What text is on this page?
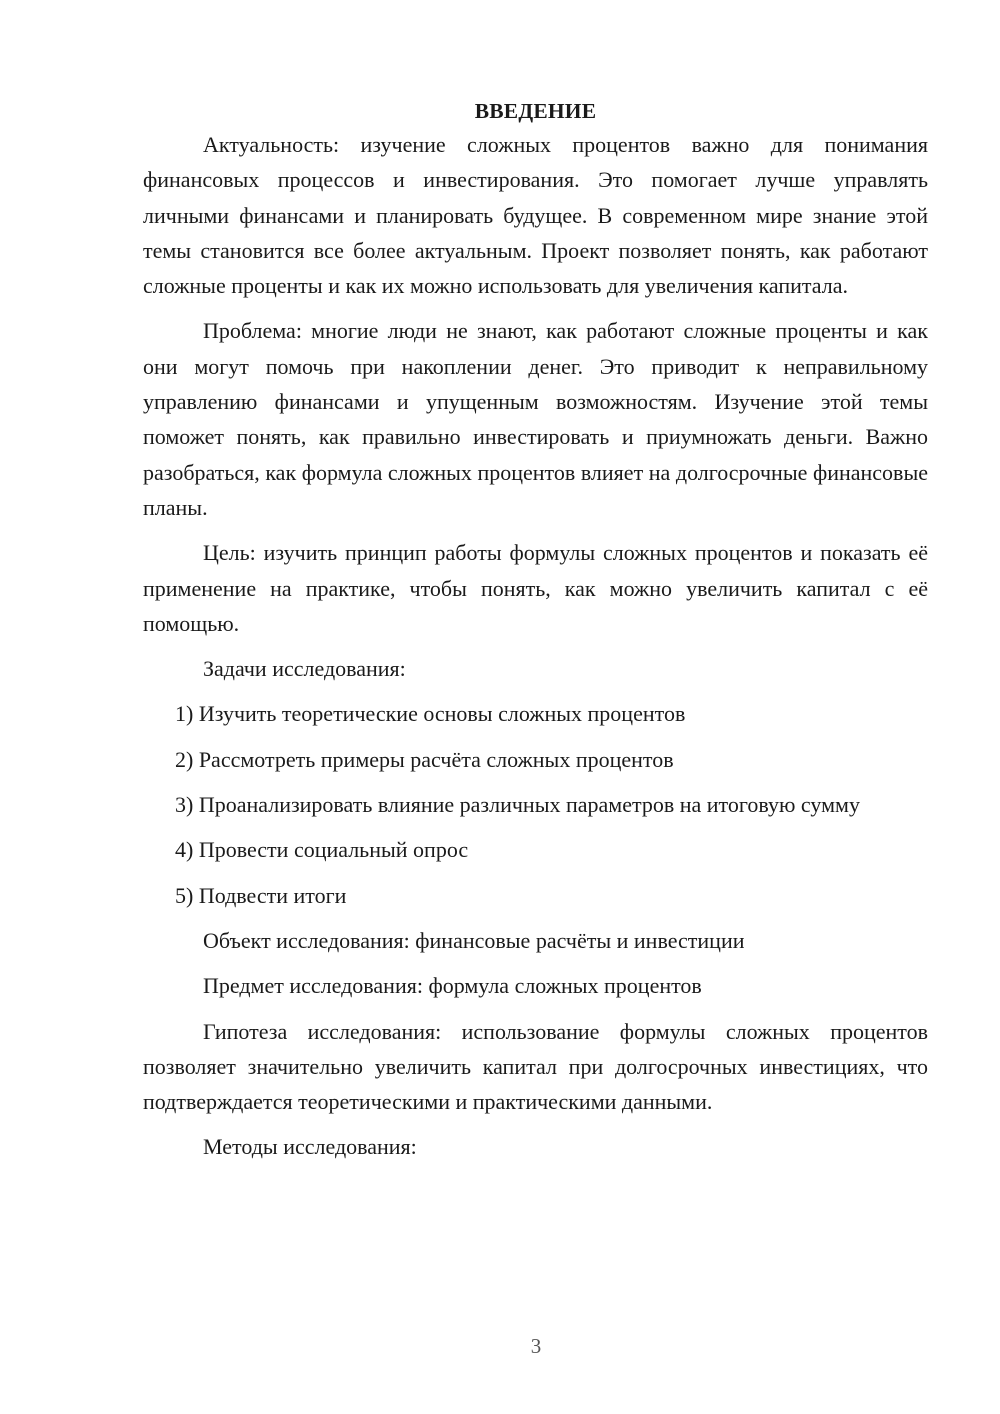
ВВЕДЕНИЕ

Актуальность: изучение сложных процентов важно для понимания финансовых процессов и инвестирования. Это помогает лучше управлять личными финансами и планировать будущее. В современном мире знание этой темы становится все более актуальным. Проект позволяет понять, как работают сложные проценты и как их можно использовать для увеличения капитала.

Проблема: многие люди не знают, как работают сложные проценты и как они могут помочь при накоплении денег. Это приводит к неправильному управлению финансами и упущенным возможностям. Изучение этой темы поможет понять, как правильно инвестировать и приумножать деньги. Важно разобраться, как формула сложных процентов влияет на долгосрочные финансовые планы.

Цель: изучить принцип работы формулы сложных процентов и показать её применение на практике, чтобы понять, как можно увеличить капитал с её помощью.

Задачи исследования:

1) Изучить теоретические основы сложных процентов

2) Рассмотреть примеры расчёта сложных процентов

3) Проанализировать влияние различных параметров на итоговую сумму

4) Провести социальный опрос

5) Подвести итоги

Объект исследования: финансовые расчёты и инвестиции

Предмет исследования: формула сложных процентов

Гипотеза исследования: использование формулы сложных процентов позволяет значительно увеличить капитал при долгосрочных инвестициях, что подтверждается теоретическими и практическими данными.

Методы исследования:

3
